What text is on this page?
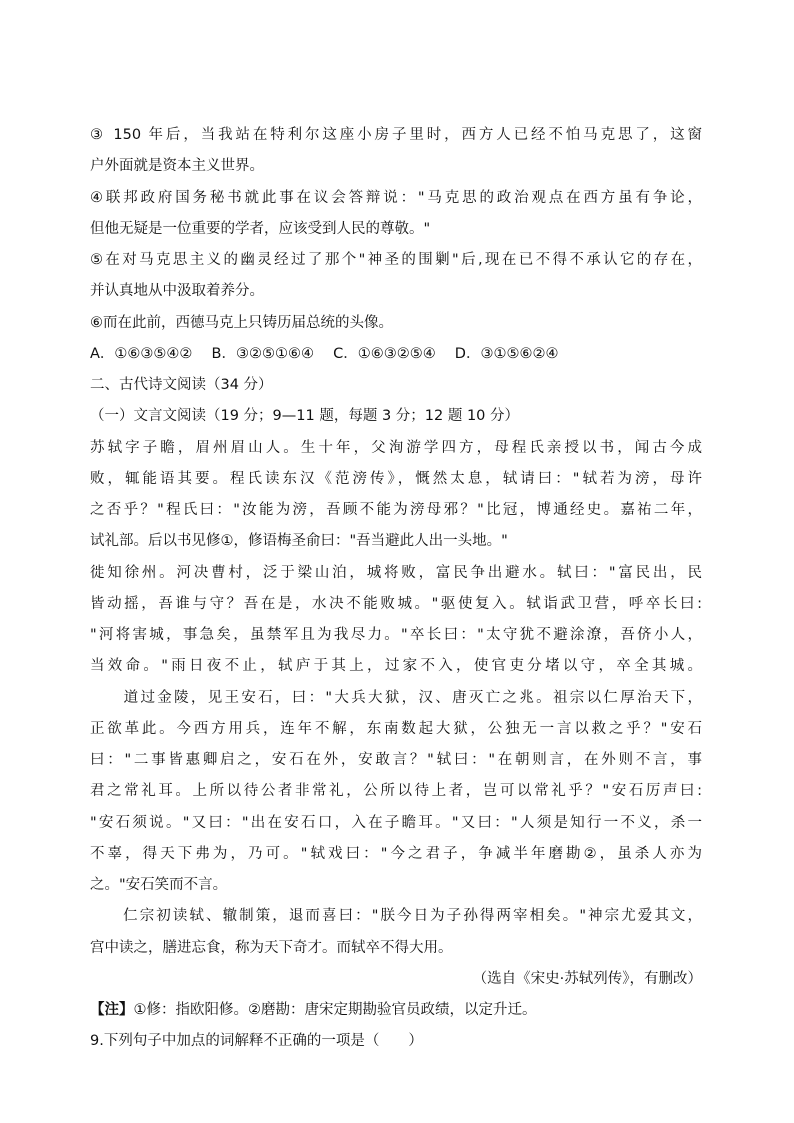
③ 150 年后，当我站在特利尔这座小房子里时，西方人已经不怕马克思了，这窗
户外面就是资本主义世界。
④联邦政府国务秘书就此事在议会答辩说："马克思的政治观点在西方虽有争论，
但他无疑是一位重要的学者，应该受到人民的尊敬。"
⑤在对马克思主义的幽灵经过了那个"神圣的围剿"后,现在已不得不承认它的存在，
并认真地从中汲取着养分。
⑥而在此前，西德马克上只铸历届总统的头像。
A．①⑥③⑤④②　 B．③②⑤①⑥④　 C．①⑥③②⑤④　 D．③①⑤⑥②④
二、古代诗文阅读（34 分）
（一）文言文阅读（19 分；9—11 题，每题 3 分；12 题 10 分）
苏轼字子瞻，眉州眉山人。生十年，父洵游学四方，母程氏亲授以书，闻古今成
败，辄能语其要。程氏读东汉《范滂传》，慨然太息，轼请曰："轼若为滂，母许
之否乎？"程氏曰："汝能为滂，吾顾不能为滂母邪？"比冠，博通经史。嘉祐二年，
试礼部。后以书见修①，修语梅圣俞曰："吾当避此人出一头地。"
徙知徐州。河决曹村，泛于梁山泊，城将败，富民争出避水。轼曰："富民出，民
皆动摇，吾谁与守？吾在是，水决不能败城。"驱使复入。轼诣武卫营，呼卒长曰:
"河将害城，事急矣，虽禁军且为我尽力。"卒长曰："太守犹不避涂潦，吾侪小人，
当效命。"雨日夜不止，轼庐于其上，过家不入，使官吏分堵以守，卒全其城。
　　道过金陵，见王安石，曰："大兵大狱，汉、唐灭亡之兆。祖宗以仁厚治天下，
正欲革此。今西方用兵，连年不解，东南数起大狱，公独无一言以救之乎？"安石
曰："二事皆惠卿启之，安石在外，安敢言？"轼曰："在朝则言，在外则不言，事
君之常礼耳。上所以待公者非常礼，公所以待上者，岂可以常礼乎？"安石厉声曰:
"安石须说。"又曰："出在安石口，入在子瞻耳。"又曰："人须是知行一不义，杀一
不辜，得天下弗为，乃可。"轼戏曰："今之君子，争减半年磨勘②，虽杀人亦为
之。"安石笑而不言。
　　仁宗初读轼、辙制策，退而喜曰："朕今日为子孙得两宰相矣。"神宗尤爱其文，
宫中读之，膳进忘食，称为天下奇才。而轼卒不得大用。
（选自《宋史·苏轼列传》，有删改）
【注】①修：指欧阳修。②磨勘：唐宋定期勘验官员政绩，以定升迁。
9.下列句子中加点的词解释不正确的一项是（　　）
